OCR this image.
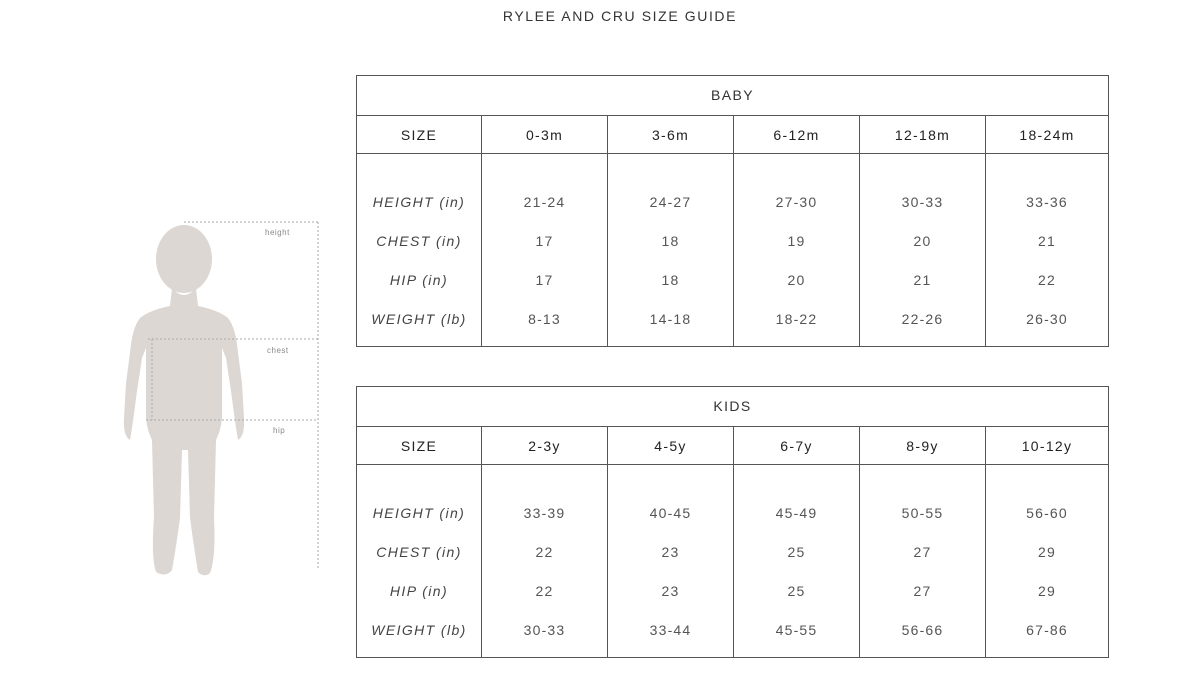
RYLEE AND CRU SIZE GUIDE
height
chest
hip
BABY
SIZE
HEIGHT (in)
CHEST (in)
HIP (in)
WEIGHT (lb)
0-3m
21-24
17
17
8-13
3-6m
24-27
18
18
14-18
6-12m
27-30
19
20
18-22
12-18m
30-33
20
21
22-26
18-24m
33-36
21
22
26-30
KIDS
SIZE
HEIGHT (in)
CHEST (in)
HIP (in)
WEIGHT (lb)
2-3y
33-39
22
22
30-33
4-5y
40-45
23
23
33-44
6-7y
45-49
25
25
45-55
8-9y
50-55
27
27
56-66
10-12y
56-60
29
29
67-86
